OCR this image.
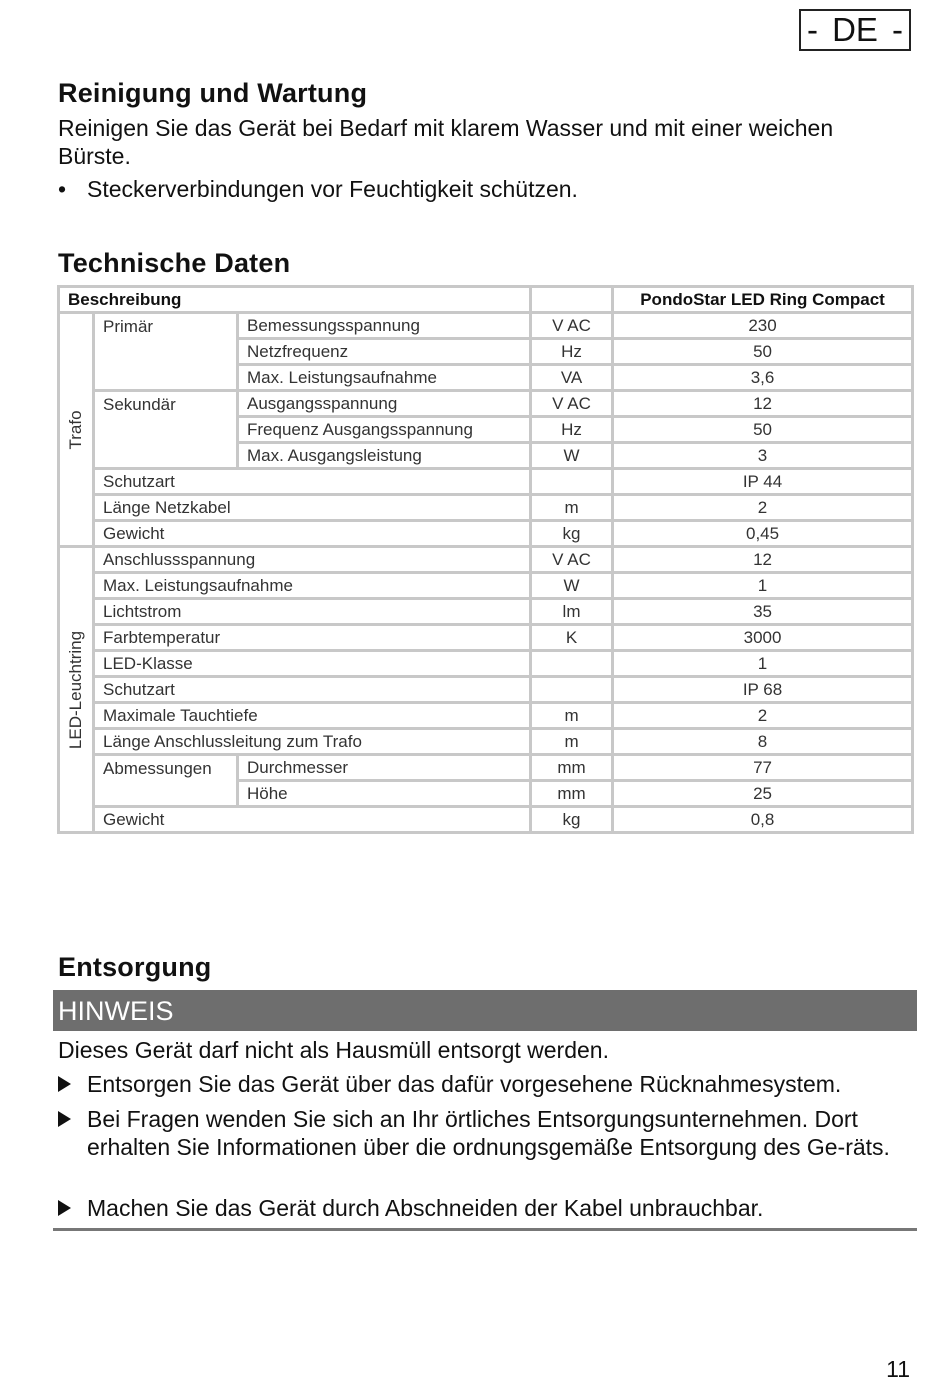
- DE -
Reinigung und Wartung

Reinigen Sie das Gerät bei Bedarf mit klarem Wasser und mit einer weichen Bürste.

• Steckerverbindungen vor Feuchtigkeit schützen.
Technische Daten
Beschreibung				PondoStar LED Ring Compact

Trafo	Primär	Bemessungsspannung	V AC	230
		Netzfrequenz	Hz	50
		Max. Leistungsaufnahme	VA	3,6
	Sekundär	Ausgangsspannung	V AC	12
		Frequenz Ausgangsspannung	Hz	50
		Max. Ausgangsleistung	W	3
	Schutzart			IP 44
	Länge Netzkabel		m	2
	Gewicht		kg	0,45

LED-Leuchtring	Anschlussspannung		V AC	12
	Max. Leistungsaufnahme		W	1
	Lichtstrom		lm	35
	Farbtemperatur		K	3000
	LED-Klasse			1
	Schutzart			IP 68
	Maximale Tauchtiefe		m	2
	Länge Anschlussleitung zum Trafo		m	8
	Abmessungen	Durchmesser	mm	77
		Höhe	mm	25
	Gewicht		kg	0,8
Entsorgung
HINWEIS

Dieses Gerät darf nicht als Hausmüll entsorgt werden.

Entsorgen Sie das Gerät über das dafür vorgesehene Rücknahmesystem.
Bei Fragen wenden Sie sich an Ihr örtliches Entsorgungsunternehmen. Dort erhalten Sie Informationen über die ordnungsgemäße Entsorgung des Ge-räts.
Machen Sie das Gerät durch Abschneiden der Kabel unbrauchbar.
11
